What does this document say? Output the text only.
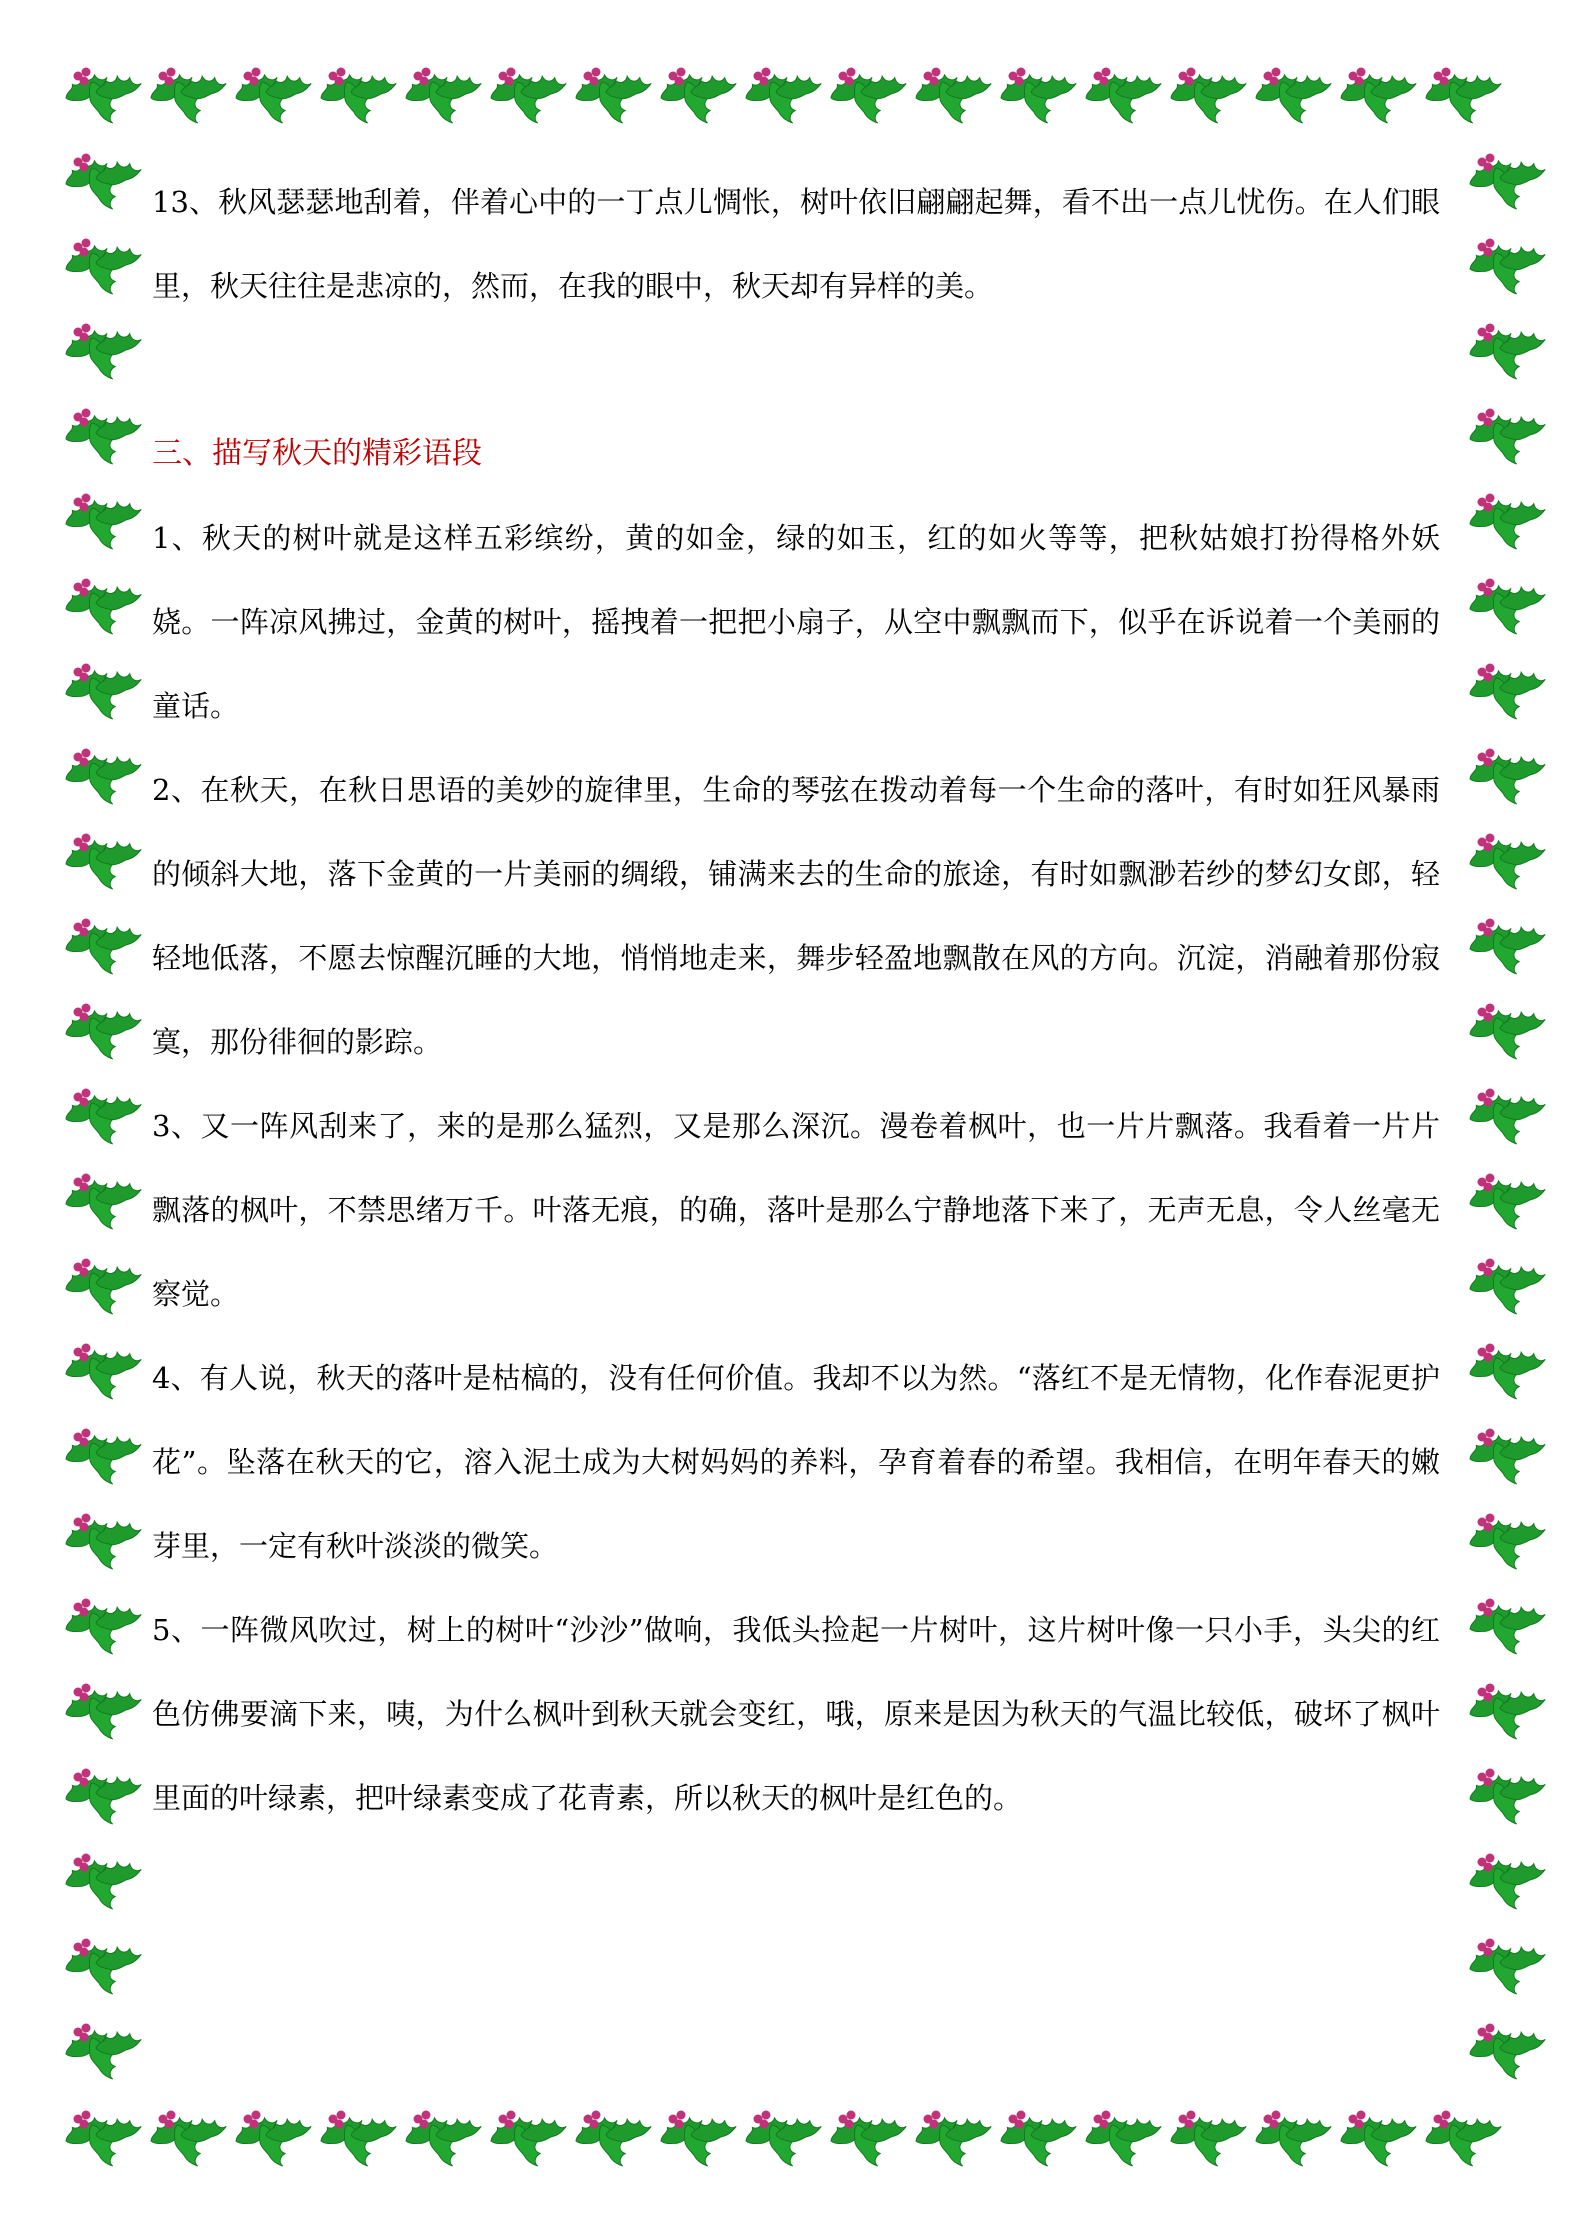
13、秋风瑟瑟地刮着，伴着心中的一丁点儿惆怅，树叶依旧翩翩起舞，看不出一点儿忧伤。在人们眼里，秋天往往是悲凉的，然而，在我的眼中，秋天却有异样的美。

三、描写秋天的精彩语段

1、秋天的树叶就是这样五彩缤纷，黄的如金，绿的如玉，红的如火等等，把秋姑娘打扮得格外妖娆。一阵凉风拂过，金黄的树叶，摇拽着一把把小扇子，从空中飘飘而下，似乎在诉说着一个美丽的童话。

2、在秋天，在秋日思语的美妙的旋律里，生命的琴弦在拨动着每一个生命的落叶，有时如狂风暴雨的倾斜大地，落下金黄的一片美丽的绸缎，铺满来去的生命的旅途，有时如飘渺若纱的梦幻女郎，轻轻地低落，不愿去惊醒沉睡的大地，悄悄地走来，舞步轻盈地飘散在风的方向。沉淀，消融着那份寂寞，那份徘徊的影踪。

3、又一阵风刮来了，来的是那么猛烈，又是那么深沉。漫卷着枫叶，也一片片飘落。我看着一片片飘落的枫叶，不禁思绪万千。叶落无痕，的确，落叶是那么宁静地落下来了，无声无息，令人丝毫无察觉。

4、有人说，秋天的落叶是枯槁的，没有任何价值。我却不以为然。“落红不是无情物，化作春泥更护花”。坠落在秋天的它，溶入泥土成为大树妈妈的养料，孕育着春的希望。我相信，在明年春天的嫩芽里，一定有秋叶淡淡的微笑。

5、一阵微风吹过，树上的树叶“沙沙”做响，我低头捡起一片树叶，这片树叶像一只小手，头尖的红色仿佛要滴下来，咦，为什么枫叶到秋天就会变红，哦，原来是因为秋天的气温比较低，破坏了枫叶里面的叶绿素，把叶绿素变成了花青素，所以秋天的枫叶是红色的。
